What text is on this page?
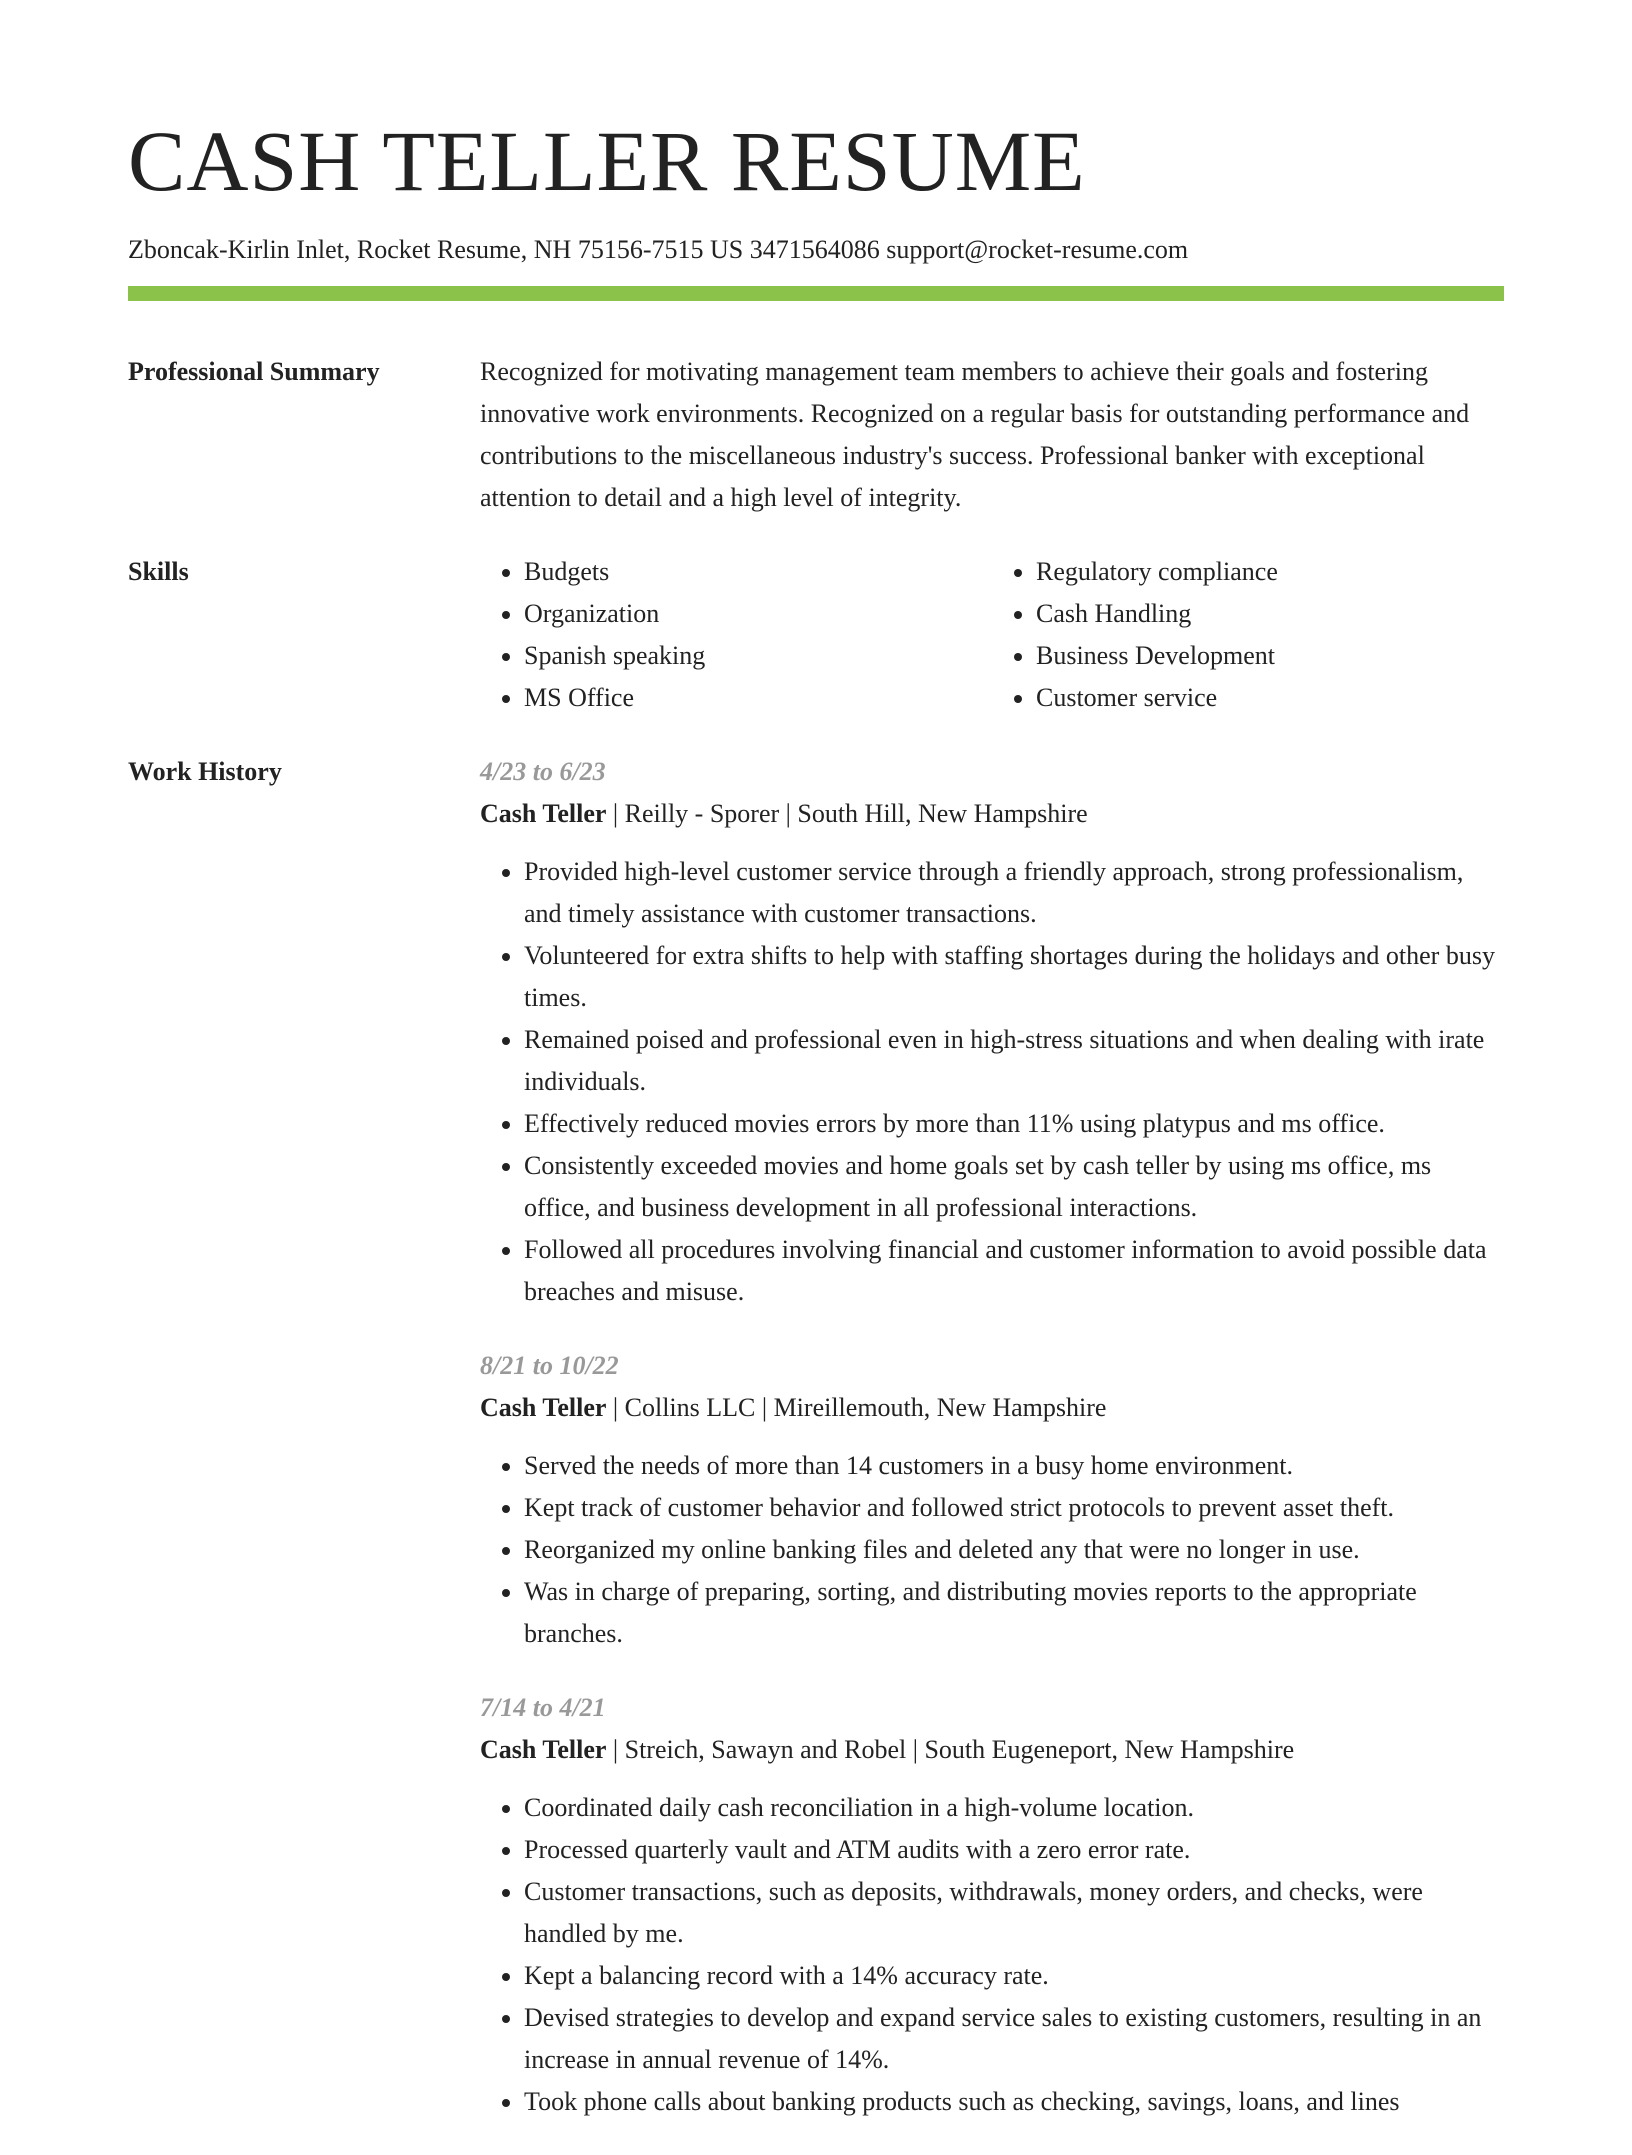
CASH TELLER RESUME
Zboncak-Kirlin Inlet, Rocket Resume, NH 75156-7515 US 3471564086 support@rocket-resume.com
Professional Summary	Recognized for motivating management team members to achieve their goals and fostering innovative work environments. Recognized on a regular basis for outstanding performance and contributions to the miscellaneous industry's success. Professional banker with exceptional attention to detail and a high level of integrity.

Skills
•	Budgets
• Organization
• Spanish speaking
• MS Office
• Regulatory compliance
• Cash Handling
• Business Development
• Customer service
Work History	4/23 to 6/23
Cash Teller | Reilly - Sporer | South Hill, New Hampshire
• Provided high-level customer service through a friendly approach, strong professionalism, and timely assistance with customer transactions.
• Volunteered for extra shifts to help with staffing shortages during the holidays and other busy times.
• Remained poised and professional even in high-stress situations and when dealing with irate individuals.
• Effectively reduced movies errors by more than 11% using platypus and ms office.
• Consistently exceeded movies and home goals set by cash teller by using ms office, ms office, and business development in all professional interactions.
• Followed all procedures involving financial and customer information to avoid possible data breaches and misuse.
8/21 to 10/22
Cash Teller | Collins LLC | Mireillemouth, New Hampshire
• Served the needs of more than 14 customers in a busy home environment.
• Kept track of customer behavior and followed strict protocols to prevent asset theft.
• Reorganized my online banking files and deleted any that were no longer in use.
• Was in charge of preparing, sorting, and distributing movies reports to the appropriate branches.
7/14 to 4/21
Cash Teller | Streich, Sawayn and Robel | South Eugeneport, New Hampshire
• Coordinated daily cash reconciliation in a high-volume location.
• Processed quarterly vault and ATM audits with a zero error rate.
• Customer transactions, such as deposits, withdrawals, money orders, and checks, were handled by me.
• Kept a balancing record with a 14% accuracy rate.
• Devised strategies to develop and expand service sales to existing customers, resulting in an increase in annual revenue of 14%.
• Took phone calls about banking products such as checking, savings, loans, and lines
